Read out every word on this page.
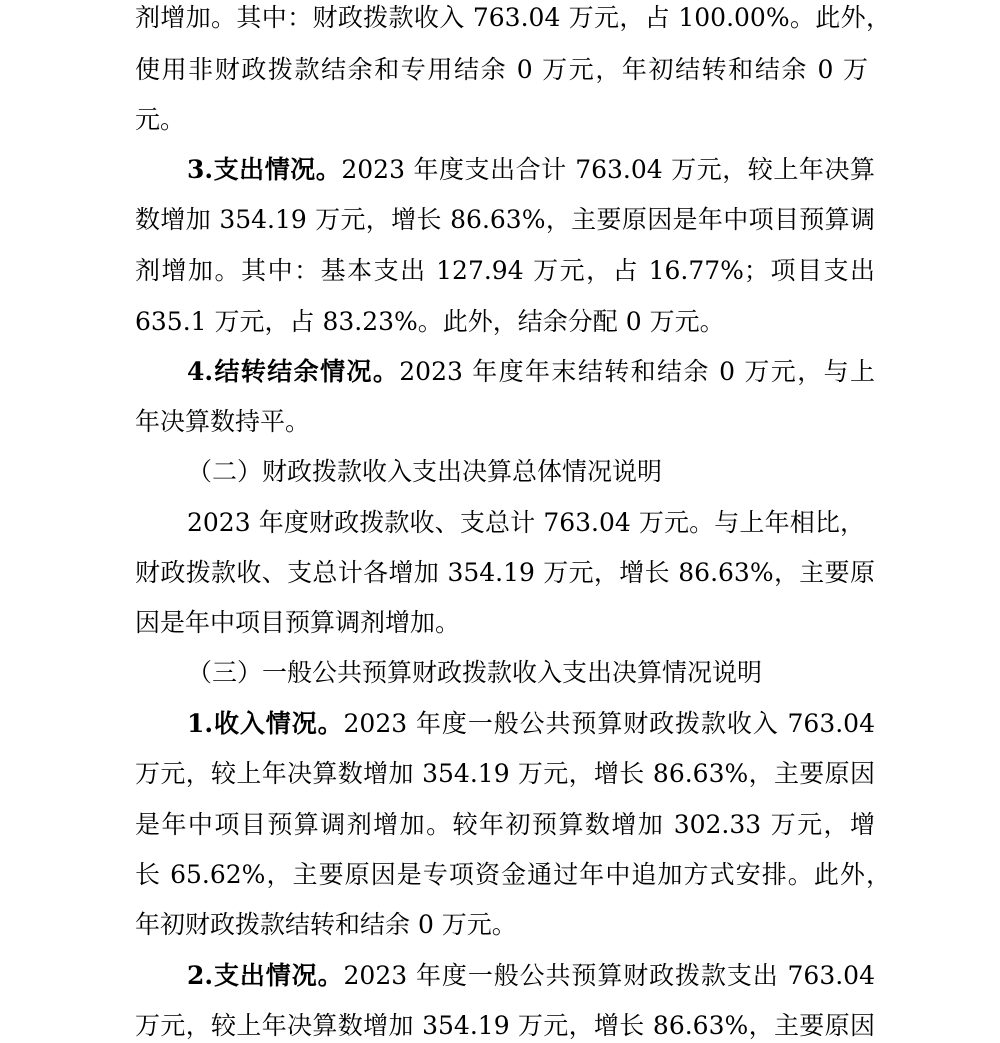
剂增加。其中：财政拨款收入 763.04 万元，占 100.00%。此外，
使用非财政拨款结余和专用结余 0 万元，年初结转和结余 0 万
元。
3.支出情况。2023 年度支出合计 763.04 万元，较上年决算
数增加 354.19 万元，增长 86.63%，主要原因是年中项目预算调
剂增加。其中：基本支出 127.94 万元，占 16.77%；项目支出
635.1 万元，占 83.23%。此外，结余分配 0 万元。
4.结转结余情况。2023 年度年末结转和结余 0 万元，与上
年决算数持平。
（二）财政拨款收入支出决算总体情况说明
2023 年度财政拨款收、支总计 763.04 万元。与上年相比，
财政拨款收、支总计各增加 354.19 万元，增长 86.63%，主要原
因是年中项目预算调剂增加。
（三）一般公共预算财政拨款收入支出决算情况说明
1.收入情况。2023 年度一般公共预算财政拨款收入 763.04
万元，较上年决算数增加 354.19 万元，增长 86.63%，主要原因
是年中项目预算调剂增加。较年初预算数增加 302.33 万元，增
长 65.62%，主要原因是专项资金通过年中追加方式安排。此外，
年初财政拨款结转和结余 0 万元。
2.支出情况。2023 年度一般公共预算财政拨款支出 763.04
万元，较上年决算数增加 354.19 万元，增长 86.63%，主要原因
